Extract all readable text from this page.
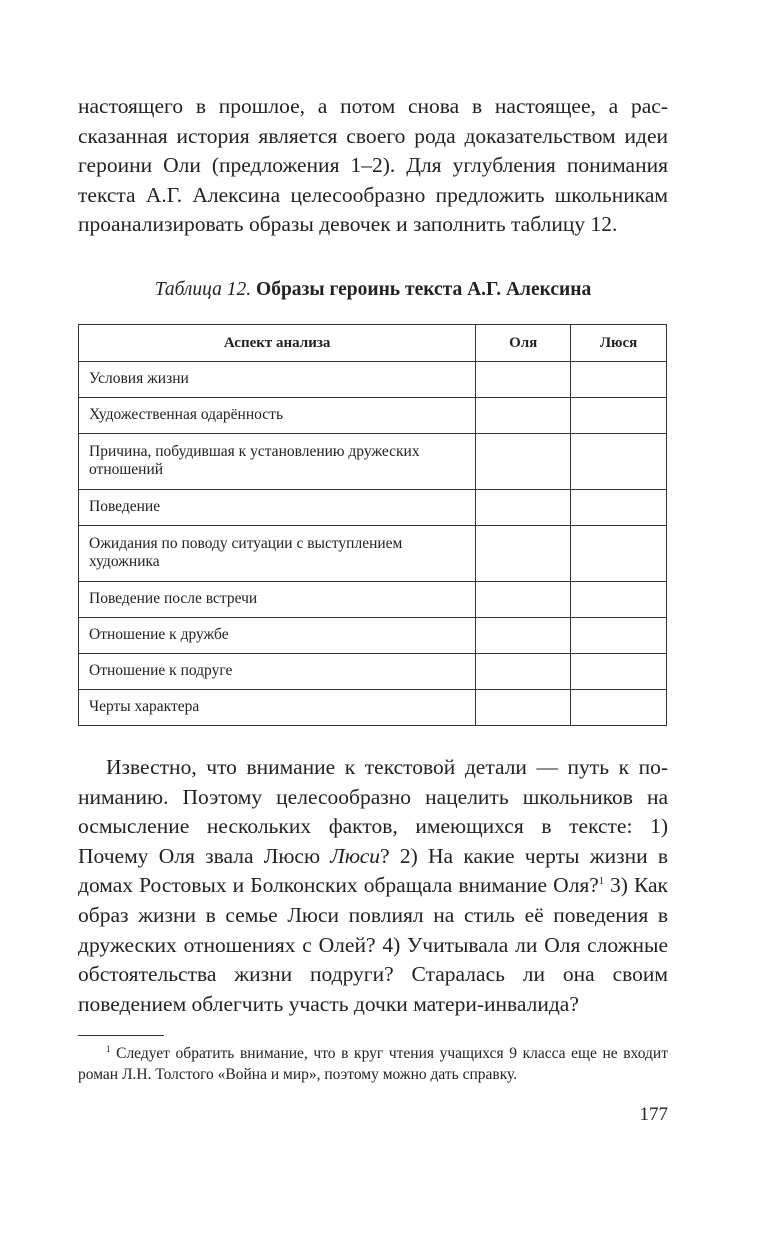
настоящего в прошлое, а потом снова в настоящее, а рассказанная история является своего рода доказательством идеи героини Оли (предложения 1–2). Для углубления понимания текста А.Г. Алексина целесообразно предложить школьникам проанализировать образы девочек и заполнить таблицу 12.

Таблица 12. Образы героинь текста А.Г. Алексина
Аспект анализа	Оля	Люся
Условия жизни		
Художественная одарённость		
Причина, побудившая к установлению дружеских отношений		
Поведение		
Ожидания по поводу ситуации с выступлением художника		
Поведение после встречи		
Отношение к дружбе		
Отношение к подруге		
Черты характера		

Известно, что внимание к текстовой детали — путь к пониманию. Поэтому целесообразно нацелить школьников на осмысление нескольких фактов, имеющихся в тексте: 1) Почему Оля звала Люсю Люси? 2) На какие черты жизни в домах Ростовых и Болконских обращала внимание Оля?$^1$ 3) Как образ жизни в семье Люси повлиял на стиль её поведения в дружеских отношениях с Олей? 4) Учитывала ли Оля сложные обстоятельства жизни подруги? Старалась ли она своим поведением облегчить участь дочки матери-инвалида?

$^1$ Следует обратить внимание, что в круг чтения учащихся 9 класса еще не входит роман Л.Н. Толстого «Война и мир», поэтому можно дать справку.

177
